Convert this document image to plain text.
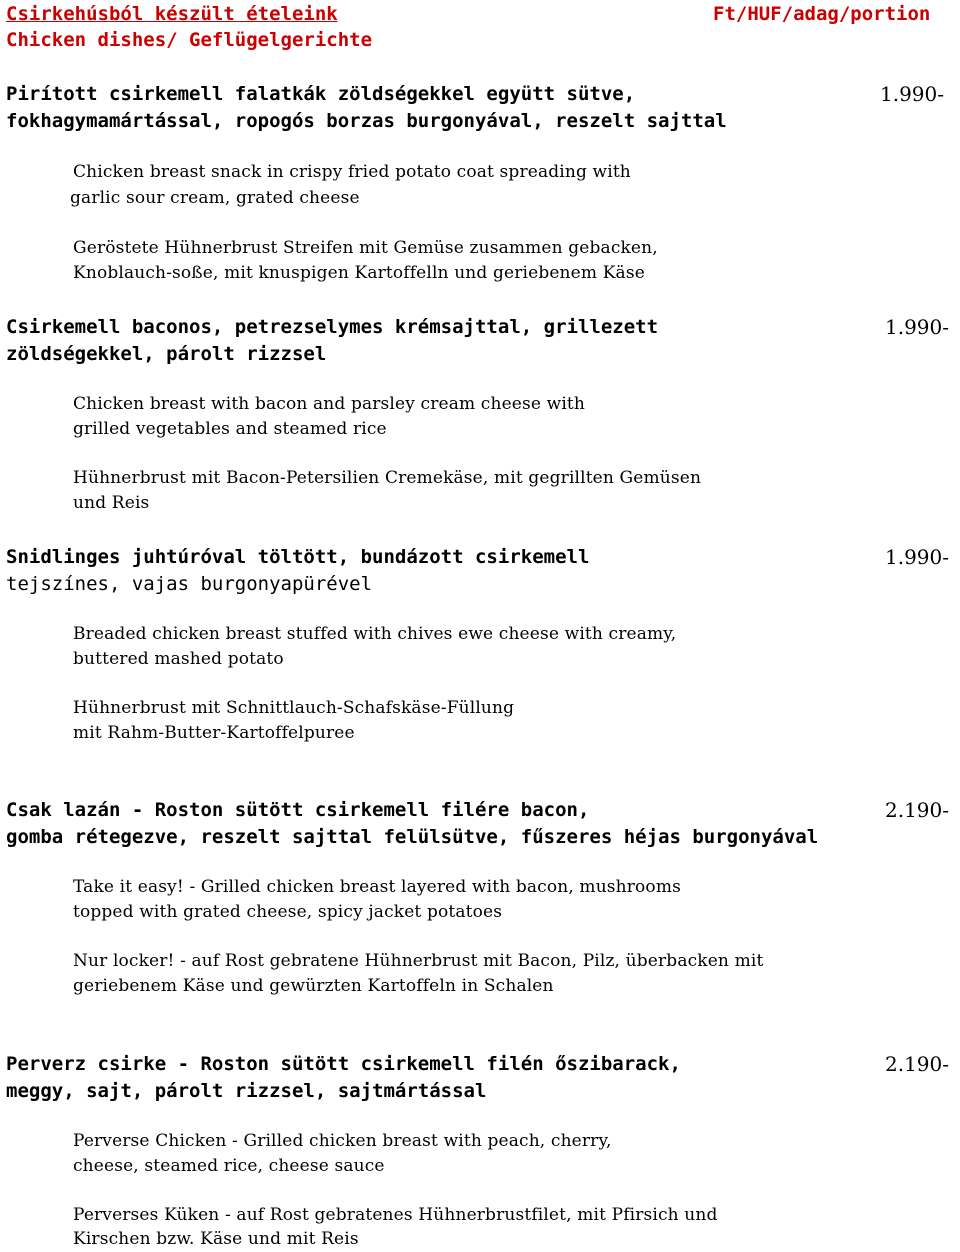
Csirkehúsból készült ételeink
Chicken dishes/ Geflügelgerichte
Ft/HUF/adag/portion
Pirított csirkemell falatkák zöldségekkel együtt sütve,
fokhagymamártással, ropogós borzas burgonyával, reszelt sajttal
1.990-
Chicken breast snack in crispy fried potato coat spreading with
garlic sour cream, grated cheese
Geröstete Hühnerbrust Streifen mit Gemüse zusammen gebacken,
Knoblauch-soße, mit knuspigen Kartoffelln und geriebenem Käse
Csirkemell baconos, petrezselymes krémsajttal, grillezett
zöldségekkel, párolt rizzsel
1.990-
Chicken breast with bacon and parsley cream cheese with
grilled vegetables and steamed rice
Hühnerbrust mit Bacon-Petersilien Cremekäse, mit gegrillten Gemüsen
und Reis
Snidlinges juhtúróval töltött, bundázott csirkemell
tejszínes, vajas burgonyapürével
1.990-
Breaded chicken breast stuffed with chives ewe cheese with creamy,
buttered mashed potato
Hühnerbrust mit Schnittlauch-Schafskäse-Füllung
mit Rahm-Butter-Kartoffelpuree
Csak lazán - Roston sütött csirkemell filére bacon,
gomba rétegezve, reszelt sajttal felülsütve, fűszeres héjas burgonyával
2.190-
Take it easy! - Grilled chicken breast layered with bacon, mushrooms
topped with grated cheese, spicy jacket potatoes
Nur locker! - auf Rost gebratene Hühnerbrust mit Bacon, Pilz, überbacken mit
geriebenem Käse und gewürzten Kartoffeln in Schalen
Perverz csirke - Roston sütött csirkemell filén őszibarack,
meggy, sajt, párolt rizzsel, sajtmártással
2.190-
Perverse Chicken - Grilled chicken breast with peach, cherry,
cheese, steamed rice, cheese sauce
Perverses Küken - auf Rost gebratenes Hühnerbrustfilet, mit Pfirsich und
Kirschen bzw. Käse und mit Reis
